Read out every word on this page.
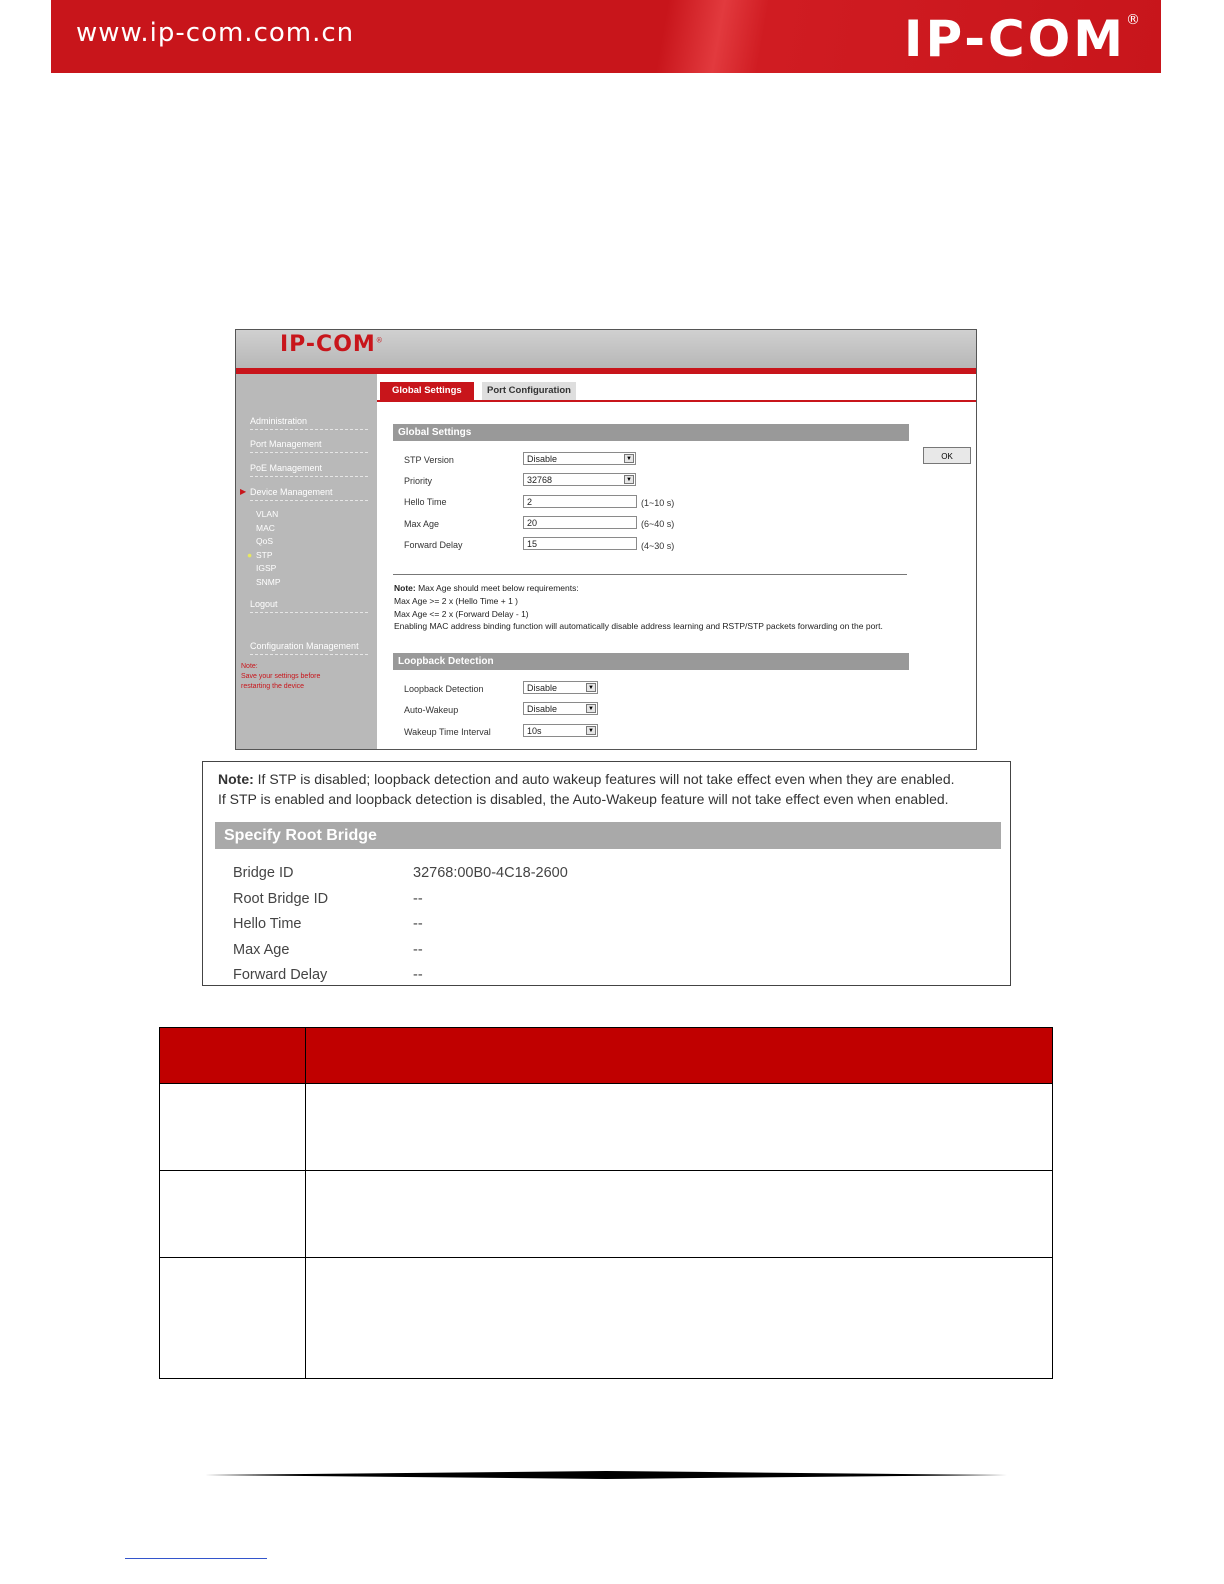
www.ip-com.com.cn	IP-COM®
IP-COM®
Administration
Port Management
PoE Management
▶ Device Management
VLAN
MAC
QoS
● STP
IGSP
SNMP
Logout
Configuration Management
Note:
Save your settings before
restarting the device
Global Settings	Port Configuration
Global Settings
OK
STP Version	Disable	▼
Priority	32768	▼
Hello Time	2	(1~10 s)
Max Age	20	(6~40 s)
Forward Delay	15	(4~30 s)
Note: Max Age should meet below requirements:
Max Age >= 2 x (Hello Time + 1 )
Max Age <= 2 x (Forward Delay - 1)
Enabling MAC address binding function will automatically disable address learning and RSTP/STP packets forwarding on the port.
Loopback Detection
Loopback Detection	Disable	▼
Auto-Wakeup	Disable	▼
Wakeup Time Interval	10s	▼
Note: If STP is disabled; loopback detection and auto wakeup features will not take effect even when they are enabled.
If STP is enabled and loopback detection is disabled, the Auto-Wakeup feature will not take effect even when enabled.
Specify Root Bridge
Bridge ID	32768:00B0-4C18-2600
Root Bridge ID	--
Hello Time	--
Max Age	--
Forward Delay	--
